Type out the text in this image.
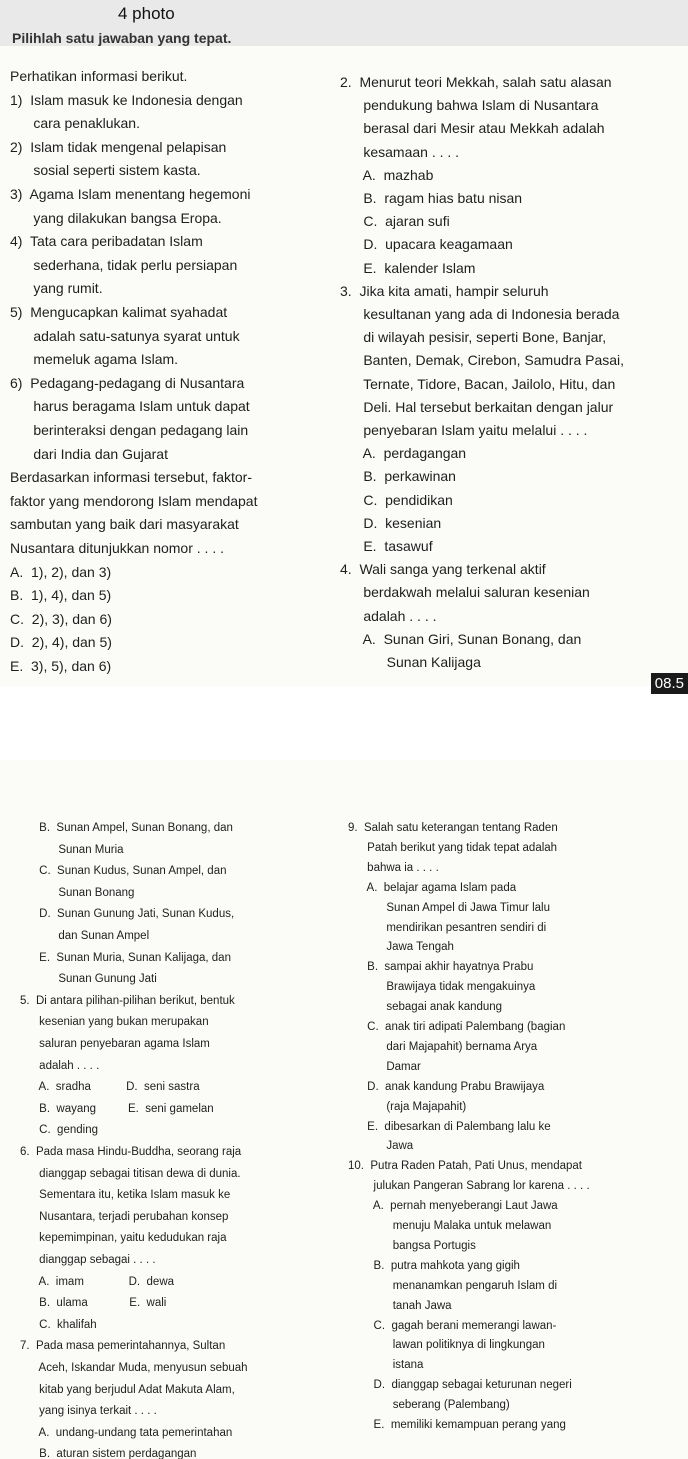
4 photo
Pilihlah satu jawaban yang tepat.
Perhatikan informasi berikut.
1)  Islam masuk ke Indonesia dengan
cara penaklukan.
2)  Islam tidak mengenal pelapisan
sosial seperti sistem kasta.
3)  Agama Islam menentang hegemoni
yang dilakukan bangsa Eropa.
4)  Tata cara peribadatan Islam
sederhana, tidak perlu persiapan
yang rumit.
5)  Mengucapkan kalimat syahadat
adalah satu-satunya syarat untuk
memeluk agama Islam.
6)  Pedagang-pedagang di Nusantara
harus beragama Islam untuk dapat
berinteraksi dengan pedagang lain
dari India dan Gujarat
Berdasarkan informasi tersebut, faktor-
faktor yang mendorong Islam mendapat
sambutan yang baik dari masyarakat
Nusantara ditunjukkan nomor . . . .
A.  1), 2), dan 3)
B.  1), 4), dan 5)
C.  2), 3), dan 6)
D.  2), 4), dan 5)
E.  3), 5), dan 6)
2.  Menurut teori Mekkah, salah satu alasan
pendukung bahwa Islam di Nusantara
berasal dari Mesir atau Mekkah adalah
kesamaan . . . .
A.  mazhab
B.  ragam hias batu nisan
C.  ajaran sufi
D.  upacara keagamaan
E.  kalender Islam
3.  Jika kita amati, hampir seluruh
kesultanan yang ada di Indonesia berada
di wilayah pesisir, seperti Bone, Banjar,
Banten, Demak, Cirebon, Samudra Pasai,
Ternate, Tidore, Bacan, Jailolo, Hitu, dan
Deli. Hal tersebut berkaitan dengan jalur
penyebaran Islam yaitu melalui . . . .
A.  perdagangan
B.  perkawinan
C.  pendidikan
D.  kesenian
E.  tasawuf
4.  Wali sanga yang terkenal aktif
berdakwah melalui saluran kesenian
adalah . . . .
A.  Sunan Giri, Sunan Bonang, dan
Sunan Kalijaga
08.5
B.  Sunan Ampel, Sunan Bonang, dan
Sunan Muria
C.  Sunan Kudus, Sunan Ampel, dan
Sunan Bonang
D.  Sunan Gunung Jati, Sunan Kudus,
dan Sunan Ampel
E.  Sunan Muria, Sunan Kalijaga, dan
Sunan Gunung Jati
5.  Di antara pilihan-pilihan berikut, bentuk
kesenian yang bukan merupakan
saluran penyebaran agama Islam
adalah . . . .
A.  sradha           D.  seni sastra
B.  wayang          E.  seni gamelan
C.  gending
6.  Pada masa Hindu-Buddha, seorang raja
dianggap sebagai titisan dewa di dunia.
Sementara itu, ketika Islam masuk ke
Nusantara, terjadi perubahan konsep
kepemimpinan, yaitu kedudukan raja
dianggap sebagai . . . .
A.  imam              D.  dewa
B.  ulama             E.  wali
C.  khalifah
7.  Pada masa pemerintahannya, Sultan
Aceh, Iskandar Muda, menyusun sebuah
kitab yang berjudul Adat Makuta Alam,
yang isinya terkait . . . .
A.  undang-undang tata pemerintahan
B.  aturan sistem perdagangan
9.  Salah satu keterangan tentang Raden
Patah berikut yang tidak tepat adalah
bahwa ia . . . .
A.  belajar agama Islam pada
Sunan Ampel di Jawa Timur lalu
mendirikan pesantren sendiri di
Jawa Tengah
B.  sampai akhir hayatnya Prabu
Brawijaya tidak mengakuinya
sebagai anak kandung
C.  anak tiri adipati Palembang (bagian
dari Majapahit) bernama Arya
Damar
D.  anak kandung Prabu Brawijaya
(raja Majapahit)
E.  dibesarkan di Palembang lalu ke
Jawa
10.  Putra Raden Patah, Pati Unus, mendapat
julukan Pangeran Sabrang lor karena . . . .
A.  pernah menyeberangi Laut Jawa
menuju Malaka untuk melawan
bangsa Portugis
B.  putra mahkota yang gigih
menanamkan pengaruh Islam di
tanah Jawa
C.  gagah berani memerangi lawan-
lawan politiknya di lingkungan
istana
D.  dianggap sebagai keturunan negeri
seberang (Palembang)
E.  memiliki kemampuan perang yang
